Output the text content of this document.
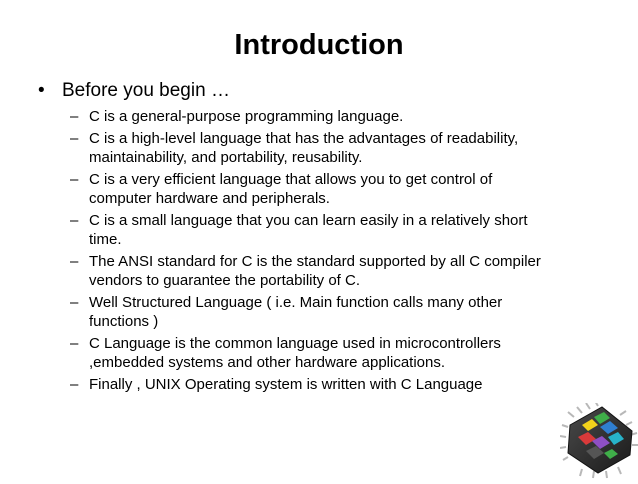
Introduction
• Before you begin …
– C is a general-purpose programming language.
– C is a high-level language that has the advantages of readability,
maintainability, and portability, reusability.
– C is a very efficient language that allows you to get control of
computer hardware and peripherals.
– C is a small language that you can learn easily in a relatively short
time.
– The ANSI standard for C is the standard supported by all C compiler
vendors to guarantee the portability of C.
– Well Structured Language ( i.e. Main function calls many other
functions )
– C Language is the common language used in microcontrollers
,embedded systems and other hardware applications.
– Finally , UNIX Operating system is written with C Language
